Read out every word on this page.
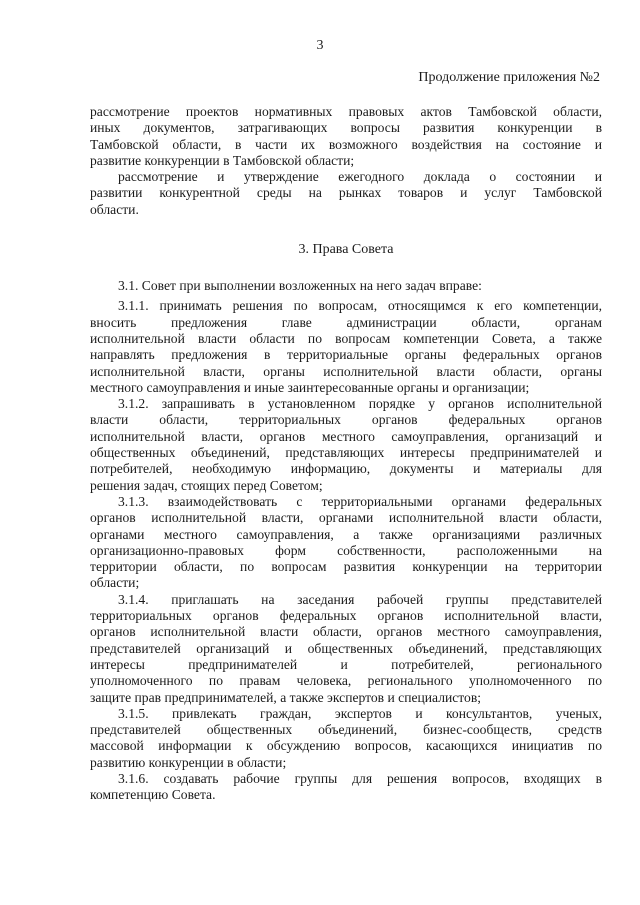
3
Продолжение приложения №2

рассмотрение проектов нормативных правовых актов Тамбовской области,

иных документов, затрагивающих вопросы развития конкуренции в

Тамбовской области, в части их возможного воздействия на состояние и

развитие конкуренции в Тамбовской области;

рассмотрение и утверждение ежегодного доклада о состоянии и

развитии конкурентной среды на рынках товаров и услуг Тамбовской

области.

3. Права Совета

3.1. Совет при выполнении возложенных на него задач вправе:

3.1.1. принимать решения по вопросам, относящимся к его компетенции,

вносить предложения главе администрации области, органам

исполнительной власти области по вопросам компетенции Совета, а также

направлять предложения в территориальные органы федеральных органов

исполнительной власти, органы исполнительной власти области, органы

местного самоуправления и иные заинтересованные органы и организации;

3.1.2. запрашивать в установленном порядке у органов исполнительной

власти области, территориальных органов федеральных органов

исполнительной власти, органов местного самоуправления, организаций и

общественных объединений, представляющих интересы предпринимателей и

потребителей, необходимую информацию, документы и материалы для

решения задач, стоящих перед Советом;

3.1.3. взаимодействовать с территориальными органами федеральных

органов исполнительной власти, органами исполнительной власти области,

органами местного самоуправления, а также организациями различных

организационно-правовых форм собственности, расположенными на

территории области, по вопросам развития конкуренции на территории

области;

3.1.4. приглашать на заседания рабочей группы представителей

территориальных органов федеральных органов исполнительной власти,

органов исполнительной власти области, органов местного самоуправления,

представителей организаций и общественных объединений, представляющих

интересы предпринимателей и потребителей, регионального

уполномоченного по правам человека, регионального уполномоченного по

защите прав предпринимателей, а также экспертов и специалистов;

3.1.5. привлекать граждан, экспертов и консультантов, ученых,

представителей общественных объединений, бизнес-сообществ, средств

массовой информации к обсуждению вопросов, касающихся инициатив по

развитию конкуренции в области;

3.1.6. создавать рабочие группы для решения вопросов, входящих в

компетенцию Совета.
